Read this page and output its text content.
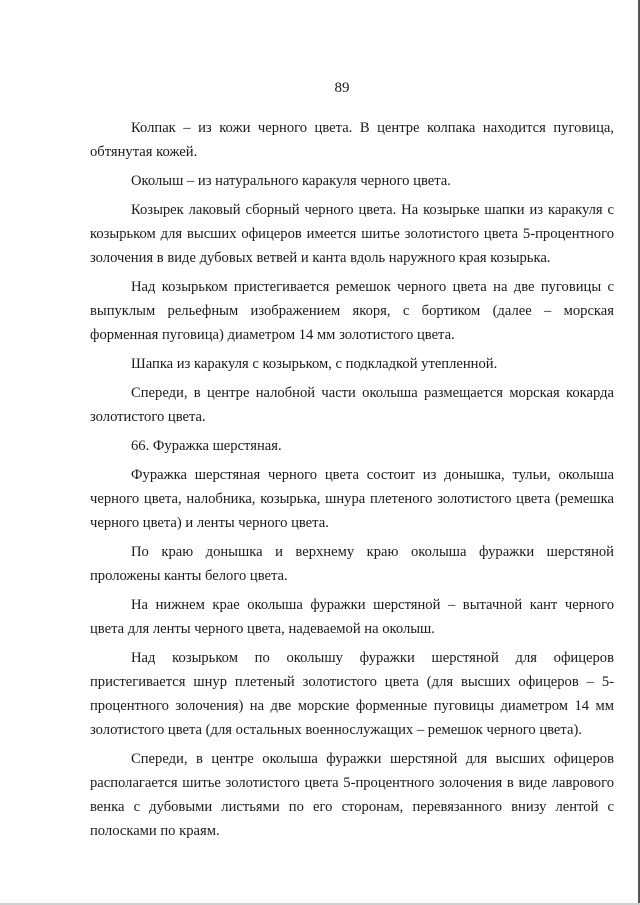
89

Колпак – из кожи черного цвета. В центре колпака находится пуговица, обтянутая кожей.

Околыш – из натурального каракуля черного цвета.

Козырек лаковый сборный черного цвета. На козырьке шапки из каракуля с козырьком для высших офицеров имеется шитье золотистого цвета 5-процентного золочения в виде дубовых ветвей и канта вдоль наружного края козырька.

Над козырьком пристегивается ремешок черного цвета на две пуговицы с выпуклым рельефным изображением якоря, с бортиком (далее – морская форменная пуговица) диаметром 14 мм золотистого цвета.

Шапка из каракуля с козырьком, с подкладкой утепленной.

Спереди, в центре налобной части околыша размещается морская кокарда золотистого цвета.

66. Фуражка шерстяная.

Фуражка шерстяная черного цвета состоит из донышка, тульи, околыша черного цвета, налобника, козырька, шнура плетеного золотистого цвета (ремешка черного цвета) и ленты черного цвета.

По краю донышка и верхнему краю околыша фуражки шерстяной проложены канты белого цвета.

На нижнем крае околыша фуражки шерстяной – вытачной кант черного цвета для ленты черного цвета, надеваемой на околыш.

Над козырьком по околышу фуражки шерстяной для офицеров пристегивается шнур плетеный золотистого цвета (для высших офицеров – 5-процентного золочения) на две морские форменные пуговицы диаметром 14 мм золотистого цвета (для остальных военнослужащих – ремешок черного цвета).

Спереди, в центре околыша фуражки шерстяной для высших офицеров располагается шитье золотистого цвета 5-процентного золочения в виде лаврового венка с дубовыми листьями по его сторонам, перевязанного внизу лентой с полосками по краям.
